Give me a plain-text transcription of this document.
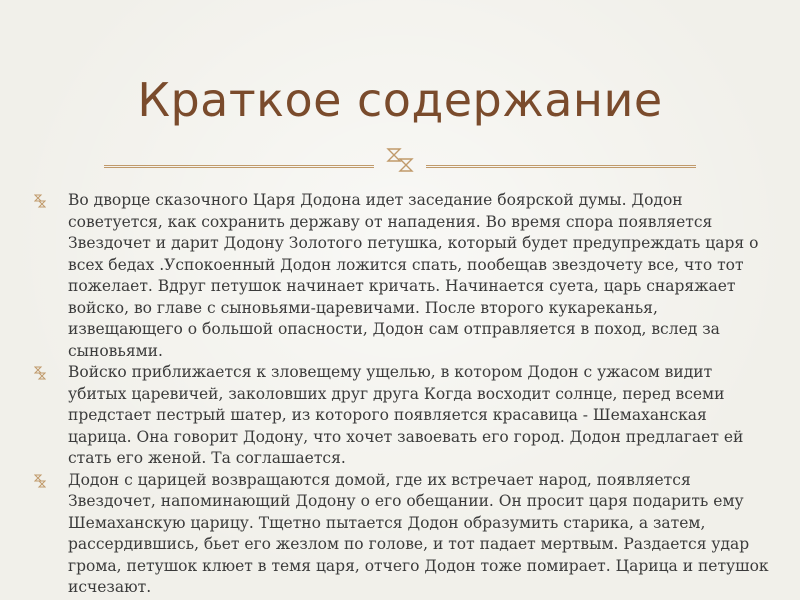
Краткое содержание
Во дворце сказочного Царя Додона идет заседание боярской думы. Додон советуется, как сохранить державу от нападения. Во время спора появляется Звездочет и дарит Додону Золотого петушка, который будет предупреждать царя о всех бедах .Успокоенный Додон ложится спать, пообещав звездочету все, что тот пожелает. Вдруг петушок начинает кричать. Начинается суета, царь снаряжает войско, во главе с сыновьями-царевичами. После второго кукареканья, извещающего о большой опасности, Додон сам отправляется в поход, вслед за сыновьями.
Войско приближается к зловещему ущелью, в котором Додон с ужасом видит убитых царевичей, заколовших друг друга Когда восходит солнце, перед всеми предстает пестрый шатер, из которого появляется красавица - Шемаханская царица. Она говорит Додону, что хочет завоевать его город. Додон предлагает ей стать его женой. Та соглашается.
Додон с царицей возвращаются домой, где их встречает народ, появляется Звездочет, напоминающий Додону о его обещании. Он просит царя подарить ему Шемаханскую царицу. Тщетно пытается Додон образумить старика, а затем, рассердившись, бьет его жезлом по голове, и тот падает мертвым. Раздается удар грома, петушок клюет в темя царя, отчего Додон тоже помирает. Царица и петушок исчезают.
